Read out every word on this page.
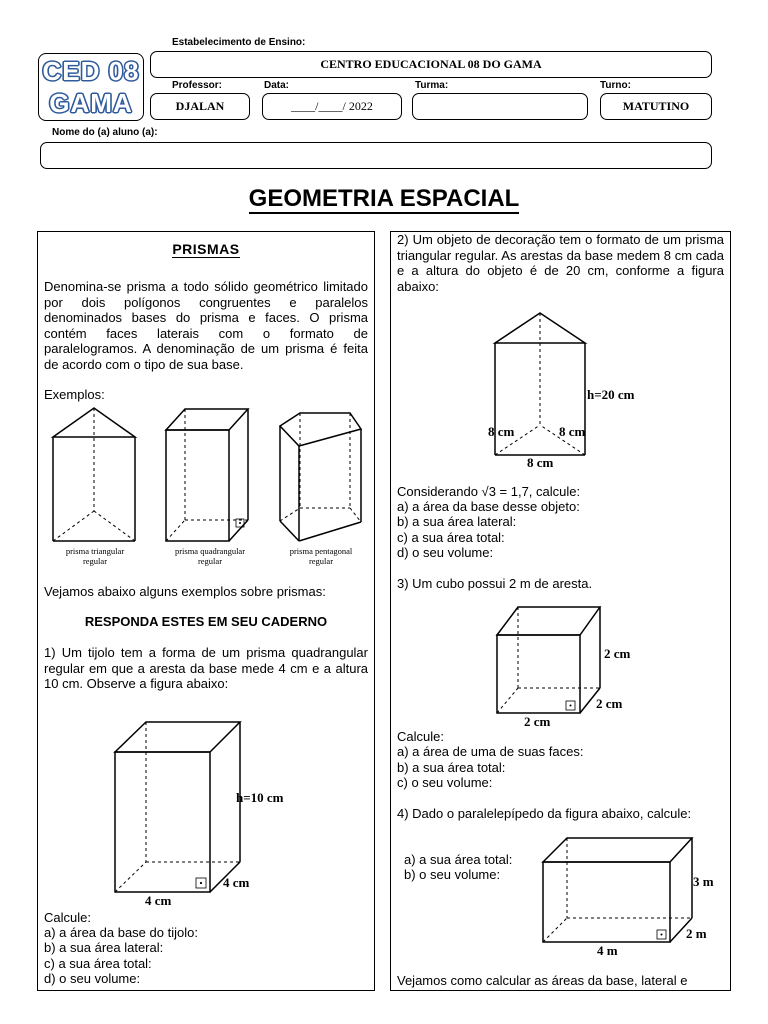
Estabelecimento de Ensino:
CENTRO EDUCACIONAL 08 DO GAMA
CED 08
GAMA
Professor:
DJALAN
Data:
____/____/ 2022
Turma:	Turno:
MATUTINO
Nome do (a) aluno (a):
GEOMETRIA ESPACIAL
PRISMAS
Denomina-se prisma a todo sólido geométrico limitado por dois polígonos congruentes e paralelos denominados bases do prisma e faces. O prisma contém faces laterais com o formato de paralelogramos. A denominação de um prisma é feita de acordo com o tipo de sua base.
Exemplos:
prisma triangular
regular
prisma quadrangular
regular
prisma pentagonal
regular
Vejamos abaixo alguns exemplos sobre prismas:
RESPONDA ESTES EM SEU CADERNO
1) Um tijolo tem a forma de um prisma quadrangular regular em que a aresta da base mede 4 cm e a altura 10 cm. Observe a figura abaixo:
h=10 cm
4 cm
4 cm
Calcule:
a) a área da base do tijolo:
b) a sua área lateral:
c) a sua área total:
d) o seu volume:
2) Um objeto de decoração tem o formato de um prisma triangular regular. As arestas da base medem 8 cm cada e a altura do objeto é de 20 cm, conforme a figura abaixo:
h=20 cm
8 cm	8 cm
8 cm
Considerando √3 = 1,7, calcule:
a) a área da base desse objeto:
b) a sua área lateral:
c) a sua área total:
d) o seu volume:
3) Um cubo possui 2 m de aresta.
2 cm
2 cm
2 cm
Calcule:
a) a área de uma de suas faces:
b) a sua área total:
c) o seu volume:
4) Dado o paralelepípedo da figura abaixo, calcule:
a) a sua área total:
b) o seu volume:	3 m
2 m
4 m
Vejamos como calcular as áreas da base, lateral e
